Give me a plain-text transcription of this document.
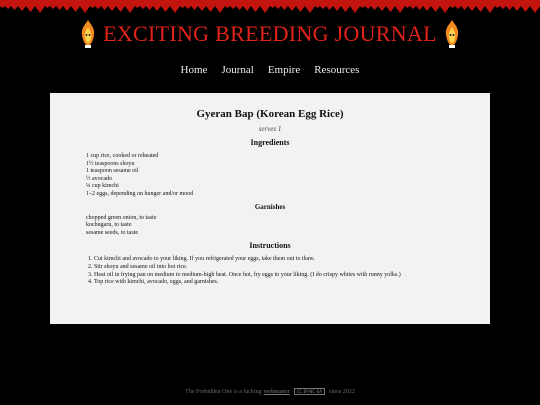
EXCITING BREEDING JOURNAL
Home Journal Empire Resources
Gyeran Bap (Korean Egg Rice)
serves 1
Ingredients
1 cup rice, cooked or reheated
1½ teaspoons shoyu
1 teaspoon sesame oil
½ avocado
¼ cup kimchi
1–2 eggs, depending on hunger and/or mood
Garnishes
chopped green onion, to taste
kochugaru, to taste
sesame seeds, to taste
Instructions
1. Cut kimchi and avocado to your liking. If you refrigerated your eggs, take them out to thaw.
2. Stir shoyu and sesame oil into hot rice.
3. Heat oil in frying pan on medium to medium-high heat. Once hot, fry eggs to your liking. (I do crispy whites with runny yolks.)
4. Top rice with kimchi, avocado, eggs, and garnishes.
The Forbidden One is a fucking webmaster	CC BY-NC-SA	since 2022
